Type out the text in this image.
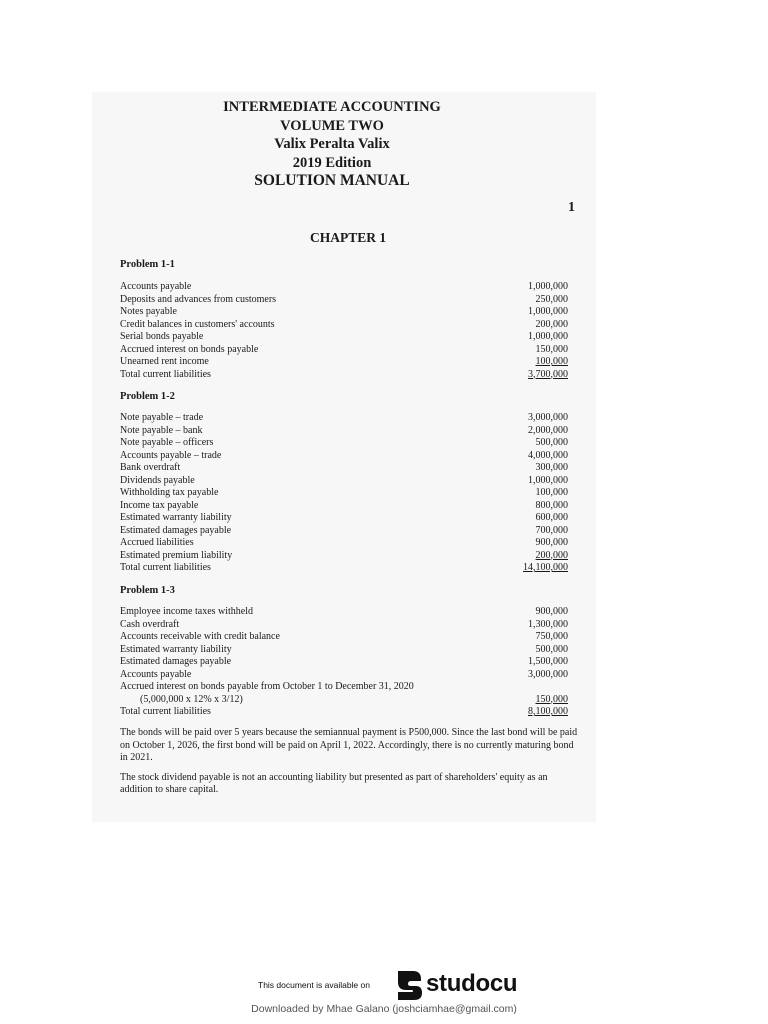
INTERMEDIATE ACCOUNTING
VOLUME TWO
Valix Peralta Valix
2019 Edition
SOLUTION MANUAL
1
CHAPTER 1
Problem 1-1
Accounts payable	1,000,000
Deposits and advances from customers	250,000
Notes payable	1,000,000
Credit balances in customers' accounts	200,000
Serial bonds payable	1,000,000
Accrued interest on bonds payable	150,000
Unearned rent income	100,000
Total current liabilities	3,700,000
Problem 1-2
Note payable – trade	3,000,000
Note payable – bank	2,000,000
Note payable – officers	500,000
Accounts payable – trade	4,000,000
Bank overdraft	300,000
Dividends payable	1,000,000
Withholding tax payable	100,000
Income tax payable	800,000
Estimated warranty liability	600,000
Estimated damages payable	700,000
Accrued liabilities	900,000
Estimated premium liability	200,000
Total current liabilities	14,100,000
Problem 1-3
Employee income taxes withheld	900,000
Cash overdraft	1,300,000
Accounts receivable with credit balance	750,000
Estimated warranty liability	500,000
Estimated damages payable	1,500,000
Accounts payable	3,000,000
Accrued interest on bonds payable from October 1 to December 31, 2020
(5,000,000 x 12% x 3/12)	150,000
Total current liabilities	8,100,000

The bonds will be paid over 5 years because the semiannual payment is P500,000. Since the last bond will be paid on October 1, 2026, the first bond will be paid on April 1, 2022. Accordingly, there is no currently maturing bond in 2021.

The stock dividend payable is not an accounting liability but presented as part of shareholders' equity as an addition to share capital.

This document is available on studocu
Downloaded by Mhae Galano (joshciamhae@gmail.com)
